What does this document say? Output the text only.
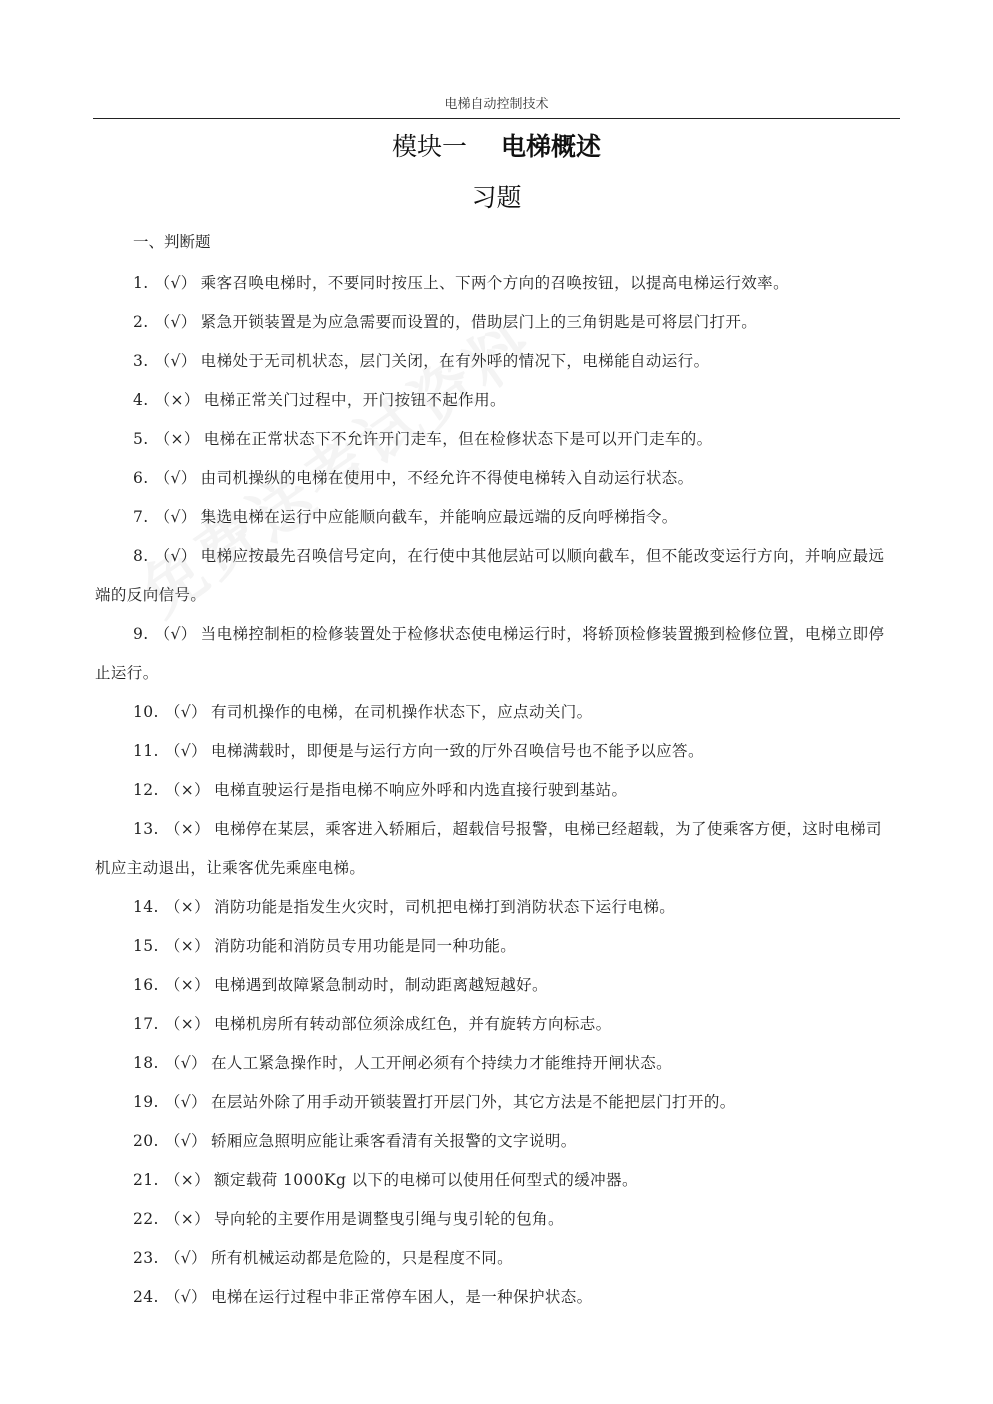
电梯自动控制技术
模块一 电梯概述
习题
一、判断题

1. （√） 乘客召唤电梯时，不要同时按压上、下两个方向的召唤按钮，以提高电梯运行效率。

2. （√） 紧急开锁装置是为应急需要而设置的，借助层门上的三角钥匙是可将层门打开。

3. （√） 电梯处于无司机状态，层门关闭，在有外呼的情况下，电梯能自动运行。

4. （×） 电梯正常关门过程中，开门按钮不起作用。

5. （×） 电梯在正常状态下不允许开门走车，但在检修状态下是可以开门走车的。

6. （√） 由司机操纵的电梯在使用中，不经允许不得使电梯转入自动运行状态。

7. （√） 集选电梯在运行中应能顺向截车，并能响应最远端的反向呼梯指令。

8. （√） 电梯应按最先召唤信号定向，在行使中其他层站可以顺向截车，但不能改变运行方向，并响应最远端的反向信号。

9. （√） 当电梯控制柜的检修装置处于检修状态使电梯运行时，将轿顶检修装置搬到检修位置，电梯立即停止运行。

10. （√） 有司机操作的电梯，在司机操作状态下，应点动关门。

11. （√） 电梯满载时，即便是与运行方向一致的厅外召唤信号也不能予以应答。

12. （×） 电梯直驶运行是指电梯不响应外呼和内选直接行驶到基站。

13. （×） 电梯停在某层，乘客进入轿厢后，超载信号报警，电梯已经超载，为了使乘客方便，这时电梯司机应主动退出，让乘客优先乘座电梯。

14. （×） 消防功能是指发生火灾时，司机把电梯打到消防状态下运行电梯。

15. （×） 消防功能和消防员专用功能是同一种功能。

16. （×） 电梯遇到故障紧急制动时，制动距离越短越好。

17. （×） 电梯机房所有转动部位须涂成红色，并有旋转方向标志。

18. （√） 在人工紧急操作时，人工开闸必须有个持续力才能维持开闸状态。

19. （√） 在层站外除了用手动开锁装置打开层门外，其它方法是不能把层门打开的。

20. （√） 轿厢应急照明应能让乘客看清有关报警的文字说明。

21. （×） 额定载荷 1000Kg 以下的电梯可以使用任何型式的缓冲器。

22. （×） 导向轮的主要作用是调整曳引绳与曳引轮的包角。

23. （√） 所有机械运动都是危险的，只是程度不同。

24. （√） 电梯在运行过程中非正常停车困人，是一种保护状态。
